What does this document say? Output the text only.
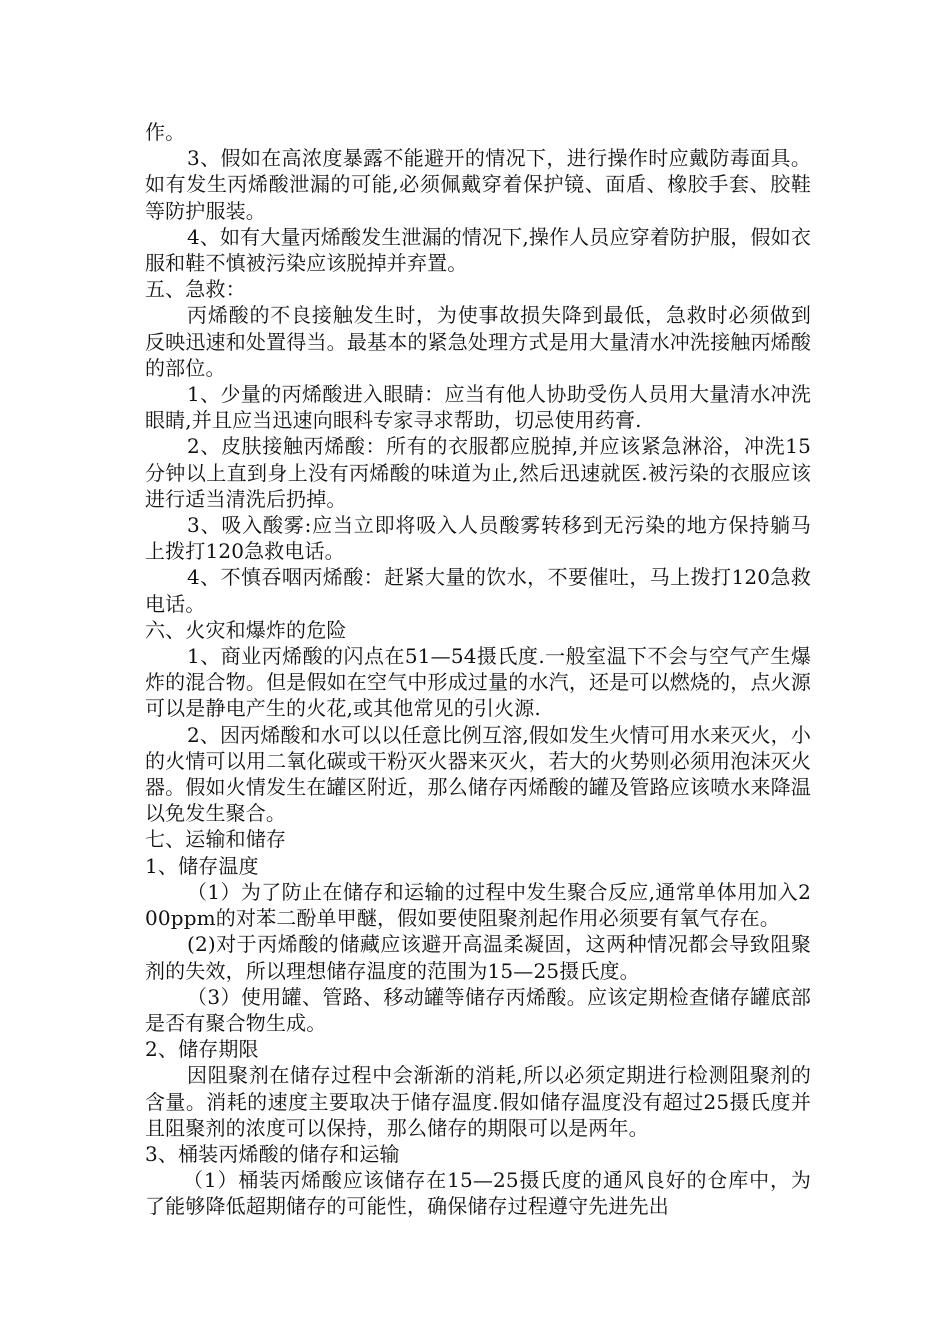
作。

3、假如在高浓度暴露不能避开的情况下，进行操作时应戴防毒面具。如有发生丙烯酸泄漏的可能,必须佩戴穿着保护镜、面盾、橡胶手套、胶鞋等防护服装。

4、如有大量丙烯酸发生泄漏的情况下,操作人员应穿着防护服，假如衣服和鞋不慎被污染应该脱掉并弃置。

五、急救：

丙烯酸的不良接触发生时，为使事故损失降到最低，急救时必须做到反映迅速和处置得当。最基本的紧急处理方式是用大量清水冲洗接触丙烯酸的部位。

1、少量的丙烯酸进入眼睛：应当有他人协助受伤人员用大量清水冲洗眼睛,并且应当迅速向眼科专家寻求帮助，切忌使用药膏.

2、皮肤接触丙烯酸：所有的衣服都应脱掉,并应该紧急淋浴，冲洗15分钟以上直到身上没有丙烯酸的味道为止,然后迅速就医.被污染的衣服应该进行适当清洗后扔掉。

3、吸入酸雾:应当立即将吸入人员酸雾转移到无污染的地方保持躺马上拨打120急救电话。

4、不慎吞咽丙烯酸：赶紧大量的饮水，不要催吐，马上拨打120急救电话。

六、火灾和爆炸的危险

1、商业丙烯酸的闪点在51—54摄氏度.一般室温下不会与空气产生爆炸的混合物。但是假如在空气中形成过量的水汽，还是可以燃烧的，点火源可以是静电产生的火花,或其他常见的引火源.

2、因丙烯酸和水可以以任意比例互溶,假如发生火情可用水来灭火，小的火情可以用二氧化碳或干粉灭火器来灭火，若大的火势则必须用泡沫灭火器。假如火情发生在罐区附近，那么储存丙烯酸的罐及管路应该喷水来降温以免发生聚合。

七、运输和储存

1、储存温度

（1）为了防止在储存和运输的过程中发生聚合反应,通常单体用加入200ppm的对苯二酚单甲醚，假如要使阻聚剂起作用必须要有氧气存在。

(2)对于丙烯酸的储藏应该避开高温柔凝固，这两种情况都会导致阻聚剂的失效，所以理想储存温度的范围为15—25摄氏度。

（3）使用罐、管路、移动罐等储存丙烯酸。应该定期检查储存罐底部是否有聚合物生成。

2、储存期限

因阻聚剂在储存过程中会渐渐的消耗,所以必须定期进行检测阻聚剂的含量。消耗的速度主要取决于储存温度.假如储存温度没有超过25摄氏度并且阻聚剂的浓度可以保持，那么储存的期限可以是两年。

3、桶装丙烯酸的储存和运输

（1）桶装丙烯酸应该储存在15—25摄氏度的通风良好的仓库中，为了能够降低超期储存的可能性，确保储存过程遵守先进先出
